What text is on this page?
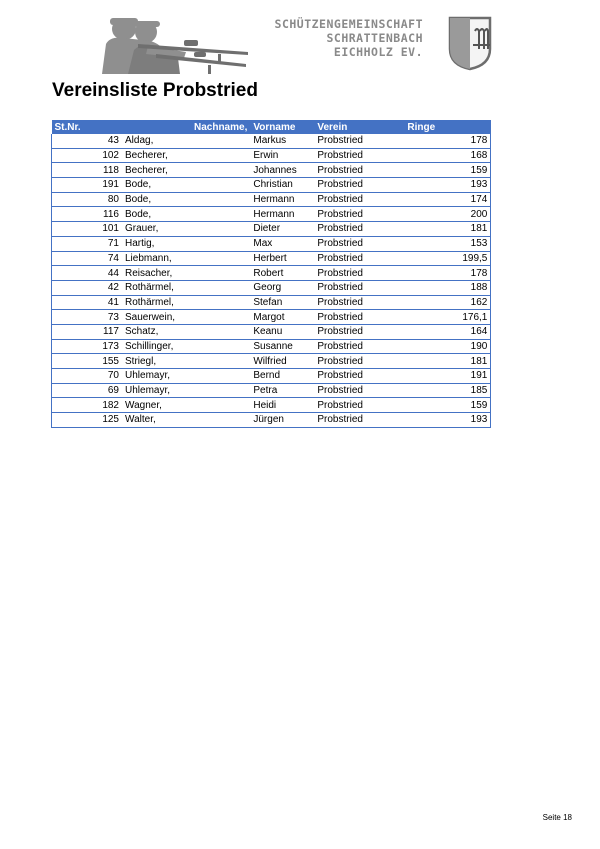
SCHÜTZENGEMEINSCHAFT
SCHRATTENBACH
EICHHOLZ EV.
Vereinsliste Probstried
St.Nr.	Nachname,	Vorname	Verein	Ringe
43	Aldag,	Markus	Probstried	178
102	Becherer,	Erwin	Probstried	168
118	Becherer,	Johannes	Probstried	159
191	Bode,	Christian	Probstried	193
80	Bode,	Hermann	Probstried	174
116	Bode,	Hermann	Probstried	200
101	Grauer,	Dieter	Probstried	181
71	Hartig,	Max	Probstried	153
74	Liebmann,	Herbert	Probstried	199,5
44	Reisacher,	Robert	Probstried	178
42	Rothärmel,	Georg	Probstried	188
41	Rothärmel,	Stefan	Probstried	162
73	Sauerwein,	Margot	Probstried	176,1
117	Schatz,	Keanu	Probstried	164
173	Schillinger,	Susanne	Probstried	190
155	Striegl,	Wilfried	Probstried	181
70	Uhlemayr,	Bernd	Probstried	191
69	Uhlemayr,	Petra	Probstried	185
182	Wagner,	Heidi	Probstried	159
125	Walter,	Jürgen	Probstried	193
Seite 18
